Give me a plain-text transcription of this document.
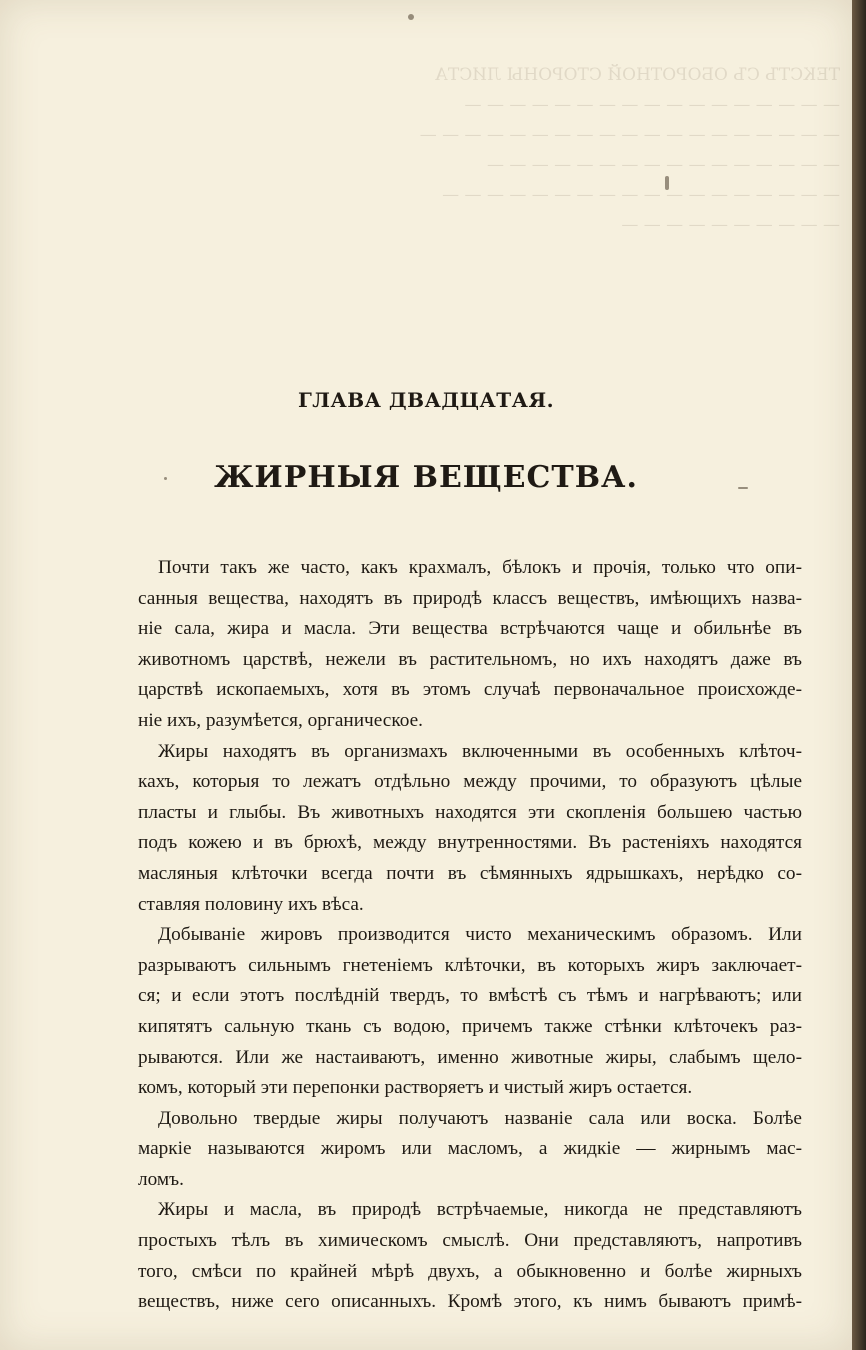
ТЕКСТЪ СЪ ОБОРОТНОЙ СТОРОНЫ ЛИСТА
— — — — — — — — — — — — — — — — —
— — — — — — — — — — — — — — — — — — —
— — — — — — — — — — — — — — — —
— — — — — — — — — — — — — — — — — —
— — — — — — — — — —
ГЛАВА ДВАДЦАТАЯ.
ЖИРНЫЯ ВЕЩЕСТВА.
Почти такъ же часто, какъ крахмалъ, бѣлокъ и прочія, только что опи-
санныя вещества, находятъ въ природѣ классъ веществъ, имѣющихъ назва-
ніе сала, жира и масла. Эти вещества встрѣчаются чаще и обильнѣе въ
животномъ царствѣ, нежели въ растительномъ, но ихъ находятъ даже въ
царствѣ ископаемыхъ, хотя въ этомъ случаѣ первоначальное происхожде-
ніе ихъ, разумѣется, органическое.
Жиры находятъ въ организмахъ включенными въ особенныхъ клѣточ-
кахъ, которыя то лежатъ отдѣльно между прочими, то образуютъ цѣлые
пласты и глыбы. Въ животныхъ находятся эти скопленія большею частью
подъ кожею и въ брюхѣ, между внутренностями. Въ растеніяхъ находятся
масляныя клѣточки всегда почти въ сѣмянныхъ ядрышкахъ, нерѣдко со-
ставляя половину ихъ вѣса.
Добываніе жировъ производится чисто механическимъ образомъ. Или
разрываютъ сильнымъ гнетеніемъ клѣточки, въ которыхъ жиръ заключает-
ся; и если этотъ послѣдній твердъ, то вмѣстѣ съ тѣмъ и нагрѣваютъ; или
кипятятъ сальную ткань съ водою, причемъ также стѣнки клѣточекъ раз-
рываются. Или же настаиваютъ, именно животные жиры, слабымъ щело-
комъ, который эти перепонки растворяетъ и чистый жиръ остается.
Довольно твердые жиры получаютъ названіе сала или воска. Болѣе
маркіе называются жиромъ или масломъ, а жидкіе — жирнымъ мас-
ломъ.
Жиры и масла, въ природѣ встрѣчаемые, никогда не представляютъ
простыхъ тѣлъ въ химическомъ смыслѣ. Они представляютъ, напротивъ
того, смѣси по крайней мѣрѣ двухъ, а обыкновенно и болѣе жирныхъ
веществъ, ниже сего описанныхъ. Кромѣ этого, къ нимъ бываютъ примѣ-
